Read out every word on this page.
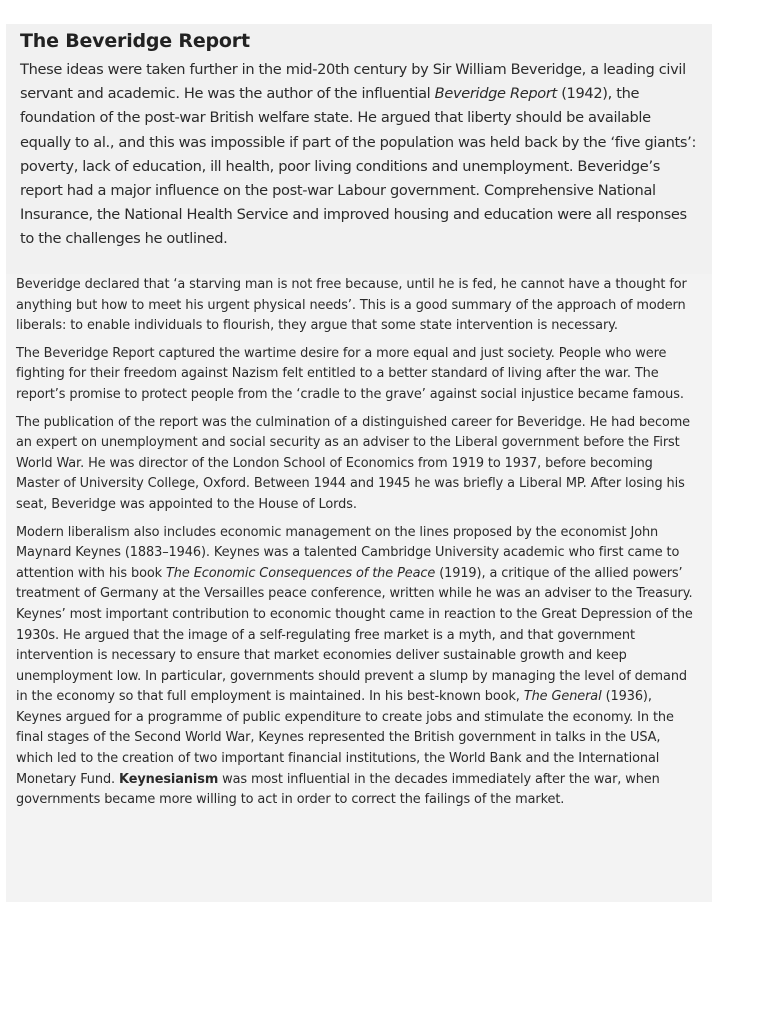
The Beveridge Report

These ideas were taken further in the mid-20th century by Sir William Beveridge, a leading civil servant and academic. He was the author of the influential Beveridge Report (1942), the foundation of the post-war British welfare state. He argued that liberty should be available equally to al., and this was impossible if part of the population was held back by the ‘five giants’: poverty, lack of education, ill health, poor living conditions and unemployment. Beveridge’s report had a major influence on the post-war Labour government. Comprehensive National Insurance, the National Health Service and improved housing and education were all responses to the challenges he outlined.

Beveridge declared that ‘a starving man is not free because, until he is fed, he cannot have a thought for anything but how to meet his urgent physical needs’. This is a good summary of the approach of modern liberals: to enable individuals to flourish, they argue that some state intervention is necessary.

The Beveridge Report captured the wartime desire for a more equal and just society. People who were fighting for their freedom against Nazism felt entitled to a better standard of living after the war. The report’s promise to protect people from the ‘cradle to the grave’ against social injustice became famous.

The publication of the report was the culmination of a distinguished career for Beveridge. He had become an expert on unemployment and social security as an adviser to the Liberal government before the First World War. He was director of the London School of Economics from 1919 to 1937, before becoming Master of University College, Oxford. Between 1944 and 1945 he was briefly a Liberal MP. After losing his seat, Beveridge was appointed to the House of Lords.

Modern liberalism also includes economic management on the lines proposed by the economist John Maynard Keynes (1883–1946). Keynes was a talented Cambridge University academic who first came to attention with his book The Economic Consequences of the Peace (1919), a critique of the allied powers’ treatment of Germany at the Versailles peace conference, written while he was an adviser to the Treasury. Keynes’ most important contribution to economic thought came in reaction to the Great Depression of the 1930s. He argued that the image of a self-regulating free market is a myth, and that government intervention is necessary to ensure that market economies deliver sustainable growth and keep unemployment low. In particular, governments should prevent a slump by managing the level of demand in the economy so that full employment is maintained. In his best-known book, The General (1936), Keynes argued for a programme of public expenditure to create jobs and stimulate the economy. In the final stages of the Second World War, Keynes represented the British government in talks in the USA, which led to the creation of two important financial institutions, the World Bank and the International Monetary Fund. Keynesianism was most influential in the decades immediately after the war, when governments became more willing to act in order to correct the failings of the market.
